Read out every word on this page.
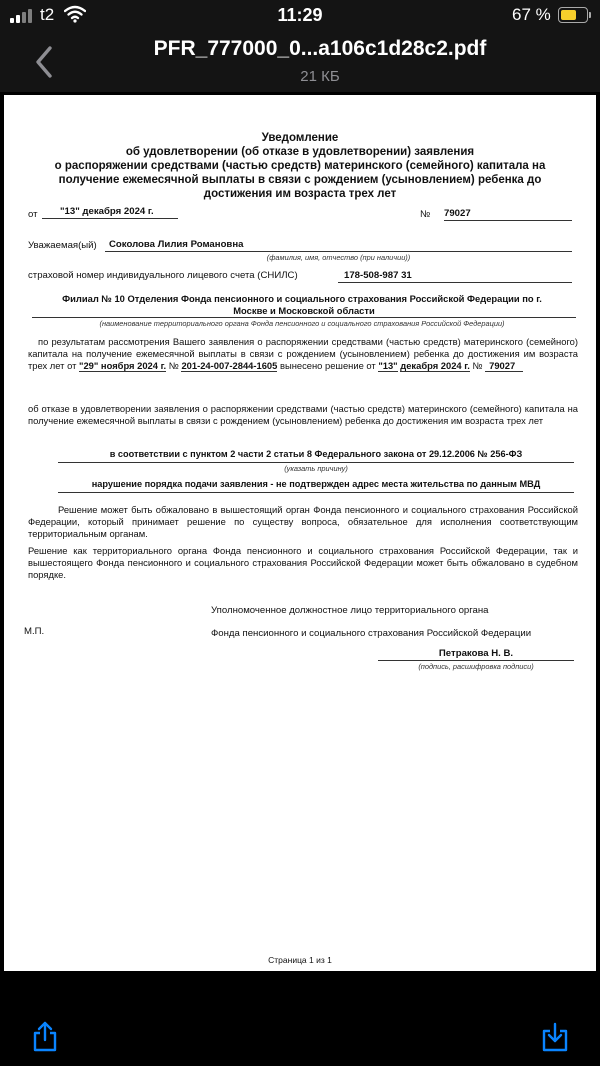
t2	11:29	67 %
PFR_777000_0...a106c1d28c2.pdf
21 КБ
Уведомление
об удовлетворении (об отказе в удовлетворении) заявления
о распоряжении средствами (частью средств) материнского (семейного) капитала на
получение ежемесячной выплаты в связи с рождением (усыновлением) ребенка до
достижения им возраста трех лет
от	"13" декабря 2024 г.	№ 79027
Уважаемая(ый)	Соколова Лилия Романовна
(фамилия, имя, отчество (при наличии))
страховой номер индивидуального лицевого счета (СНИЛС)	178-508-987 31
Филиал № 10 Отделения Фонда пенсионного и социального страхования Российской Федерации по г.
Москве и Московской области
(наименование территориального органа Фонда пенсионного и социального страхования Российской Федерации)
по результатам рассмотрения Вашего заявления о распоряжении средствами (частью средств) материнского (семейного) капитала на получение ежемесячной выплаты в связи с рождением (усыновлением) ребенка до достижения им возраста трех лет от "29" ноября 2024 г. № 201-24-007-2844-1605 вынесено решение от "13" декабря 2024 г. № 79027
об отказе в удовлетворении заявления о распоряжении средствами (частью средств) материнского (семейного) капитала на получение ежемесячной выплаты в связи с рождением (усыновлением) ребенка до достижения им возраста трех лет
в соответствии с пунктом 2 части 2 статьи 8 Федерального закона от 29.12.2006 № 256-ФЗ
(указать причину)
нарушение порядка подачи заявления - не подтвержден адрес места жительства по данным МВД
Решение может быть обжаловано в вышестоящий орган Фонда пенсионного и социального страхования Российской Федерации, который принимает решение по существу вопроса, обязательное для исполнения соответствующим территориальным органам.
Решение как территориального органа Фонда пенсионного и социального страхования Российской Федерации, так и вышестоящего Фонда пенсионного и социального страхования Российской Федерации может быть обжаловано в судебном порядке.
Уполномоченное должностное лицо территориального органа
М.П.	Фонда пенсионного и социального страхования Российской Федерации
Петракова Н. В.
(подпись, расшифровка подписи)
Страница 1 из 1
